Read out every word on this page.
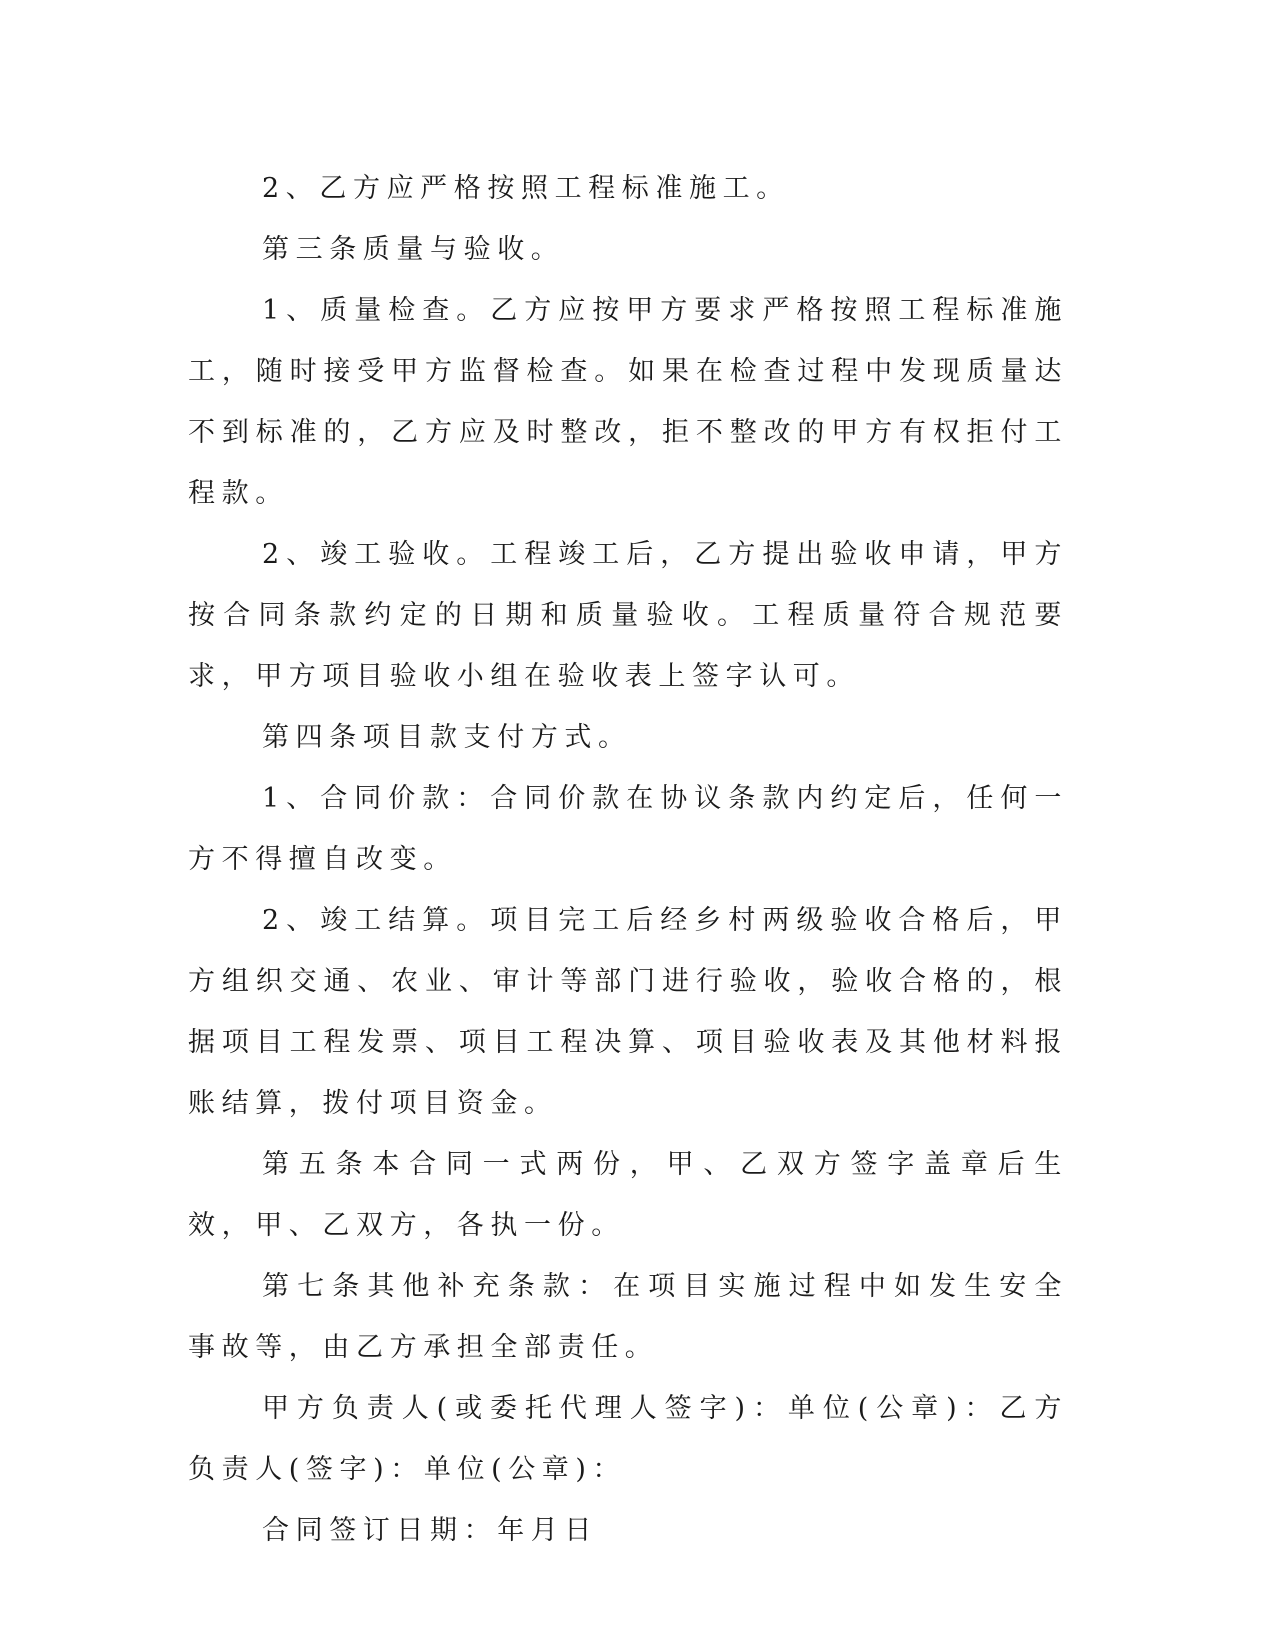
2、乙方应严格按照工程标准施工。

第三条质量与验收。

1、质量检查。乙方应按甲方要求严格按照工程标准施工，随时接受甲方监督检查。如果在检查过程中发现质量达不到标准的，乙方应及时整改，拒不整改的甲方有权拒付工程款。

2、竣工验收。工程竣工后，乙方提出验收申请，甲方按合同条款约定的日期和质量验收。工程质量符合规范要求，甲方项目验收小组在验收表上签字认可。

第四条项目款支付方式。

1、合同价款：合同价款在协议条款内约定后，任何一方不得擅自改变。

2、竣工结算。项目完工后经乡村两级验收合格后，甲方组织交通、农业、审计等部门进行验收，验收合格的，根据项目工程发票、项目工程决算、项目验收表及其他材料报账结算，拨付项目资金。

第五条本合同一式两份，甲、乙双方签字盖章后生效，甲、乙双方，各执一份。

第七条其他补充条款：在项目实施过程中如发生安全事故等，由乙方承担全部责任。

甲方负责人(或委托代理人签字)：单位(公章)：乙方负责人(签字)：单位(公章)：

合同签订日期：年月日
